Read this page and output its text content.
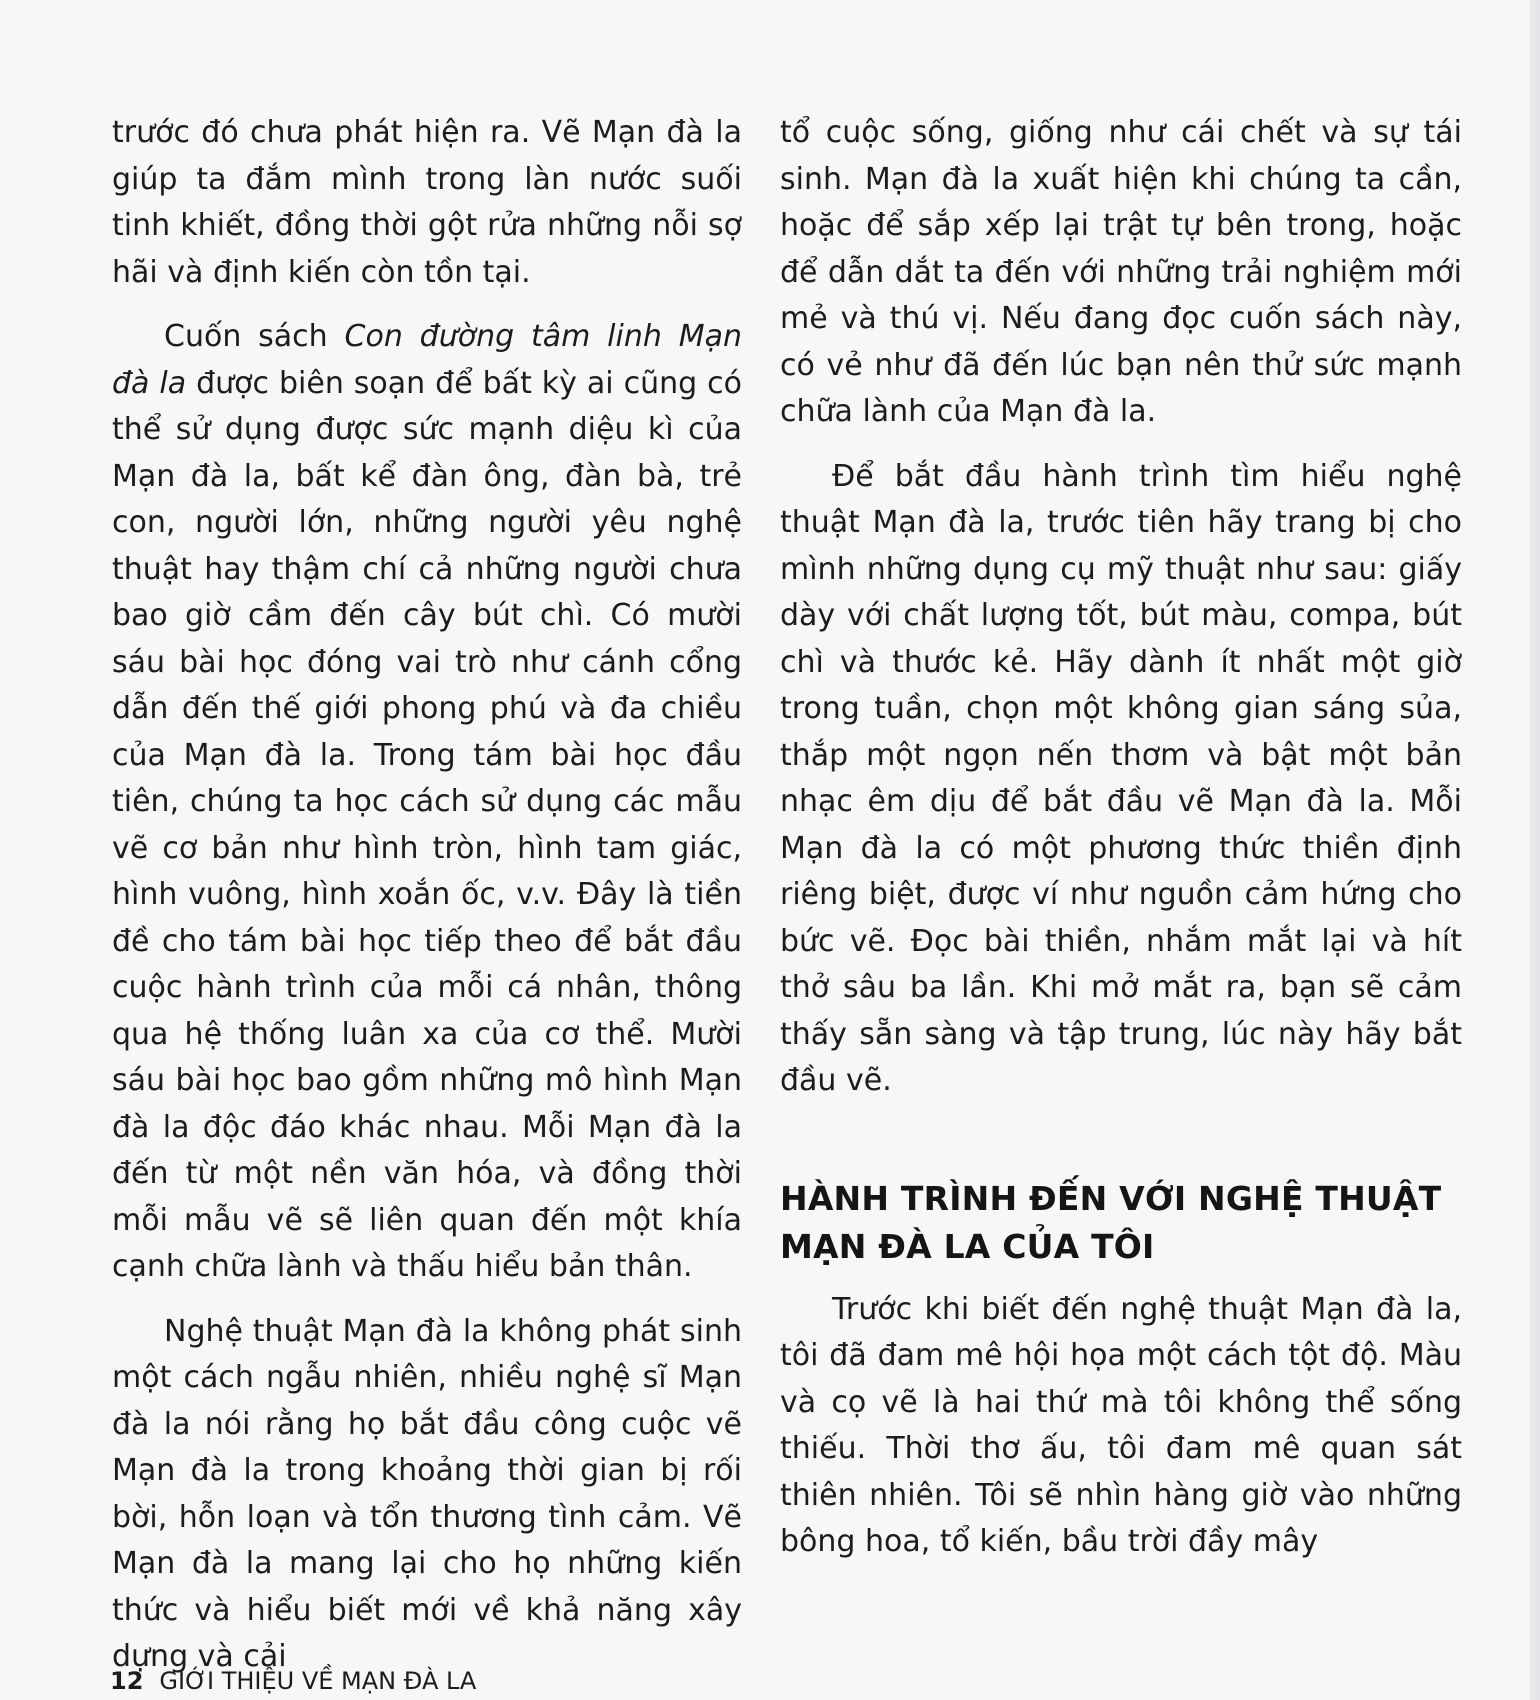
trước đó chưa phát hiện ra. Vẽ Mạn đà la giúp ta đắm mình trong làn nước suối tinh khiết, đồng thời gột rửa những nỗi sợ hãi và định kiến còn tồn tại.

Cuốn sách Con đường tâm linh Mạn đà la được biên soạn để bất kỳ ai cũng có thể sử dụng được sức mạnh diệu kì của Mạn đà la, bất kể đàn ông, đàn bà, trẻ con, người lớn, những người yêu nghệ thuật hay thậm chí cả những người chưa bao giờ cầm đến cây bút chì. Có mười sáu bài học đóng vai trò như cánh cổng dẫn đến thế giới phong phú và đa chiều của Mạn đà la. Trong tám bài học đầu tiên, chúng ta học cách sử dụng các mẫu vẽ cơ bản như hình tròn, hình tam giác, hình vuông, hình xoắn ốc, v.v. Đây là tiền đề cho tám bài học tiếp theo để bắt đầu cuộc hành trình của mỗi cá nhân, thông qua hệ thống luân xa của cơ thể. Mười sáu bài học bao gồm những mô hình Mạn đà la độc đáo khác nhau. Mỗi Mạn đà la đến từ một nền văn hóa, và đồng thời mỗi mẫu vẽ sẽ liên quan đến một khía cạnh chữa lành và thấu hiểu bản thân.

Nghệ thuật Mạn đà la không phát sinh một cách ngẫu nhiên, nhiều nghệ sĩ Mạn đà la nói rằng họ bắt đầu công cuộc vẽ Mạn đà la trong khoảng thời gian bị rối bời, hỗn loạn và tổn thương tình cảm. Vẽ Mạn đà la mang lại cho họ những kiến thức và hiểu biết mới về khả năng xây dựng và cải

tổ cuộc sống, giống như cái chết và sự tái sinh. Mạn đà la xuất hiện khi chúng ta cần, hoặc để sắp xếp lại trật tự bên trong, hoặc để dẫn dắt ta đến với những trải nghiệm mới mẻ và thú vị. Nếu đang đọc cuốn sách này, có vẻ như đã đến lúc bạn nên thử sức mạnh chữa lành của Mạn đà la.

Để bắt đầu hành trình tìm hiểu nghệ thuật Mạn đà la, trước tiên hãy trang bị cho mình những dụng cụ mỹ thuật như sau: giấy dày với chất lượng tốt, bút màu, compa, bút chì và thước kẻ. Hãy dành ít nhất một giờ trong tuần, chọn một không gian sáng sủa, thắp một ngọn nến thơm và bật một bản nhạc êm dịu để bắt đầu vẽ Mạn đà la. Mỗi Mạn đà la có một phương thức thiền định riêng biệt, được ví như nguồn cảm hứng cho bức vẽ. Đọc bài thiền, nhắm mắt lại và hít thở sâu ba lần. Khi mở mắt ra, bạn sẽ cảm thấy sẵn sàng và tập trung, lúc này hãy bắt đầu vẽ.

HÀNH TRÌNH ĐẾN VỚI NGHỆ THUẬT
MẠN ĐÀ LA CỦA TÔI

Trước khi biết đến nghệ thuật Mạn đà la, tôi đã đam mê hội họa một cách tột độ. Màu và cọ vẽ là hai thứ mà tôi không thể sống thiếu. Thời thơ ấu, tôi đam mê quan sát thiên nhiên. Tôi sẽ nhìn hàng giờ vào những bông hoa, tổ kiến, bầu trời đầy mây

12 GIỚI THIỆU VỀ MẠN ĐÀ LA
